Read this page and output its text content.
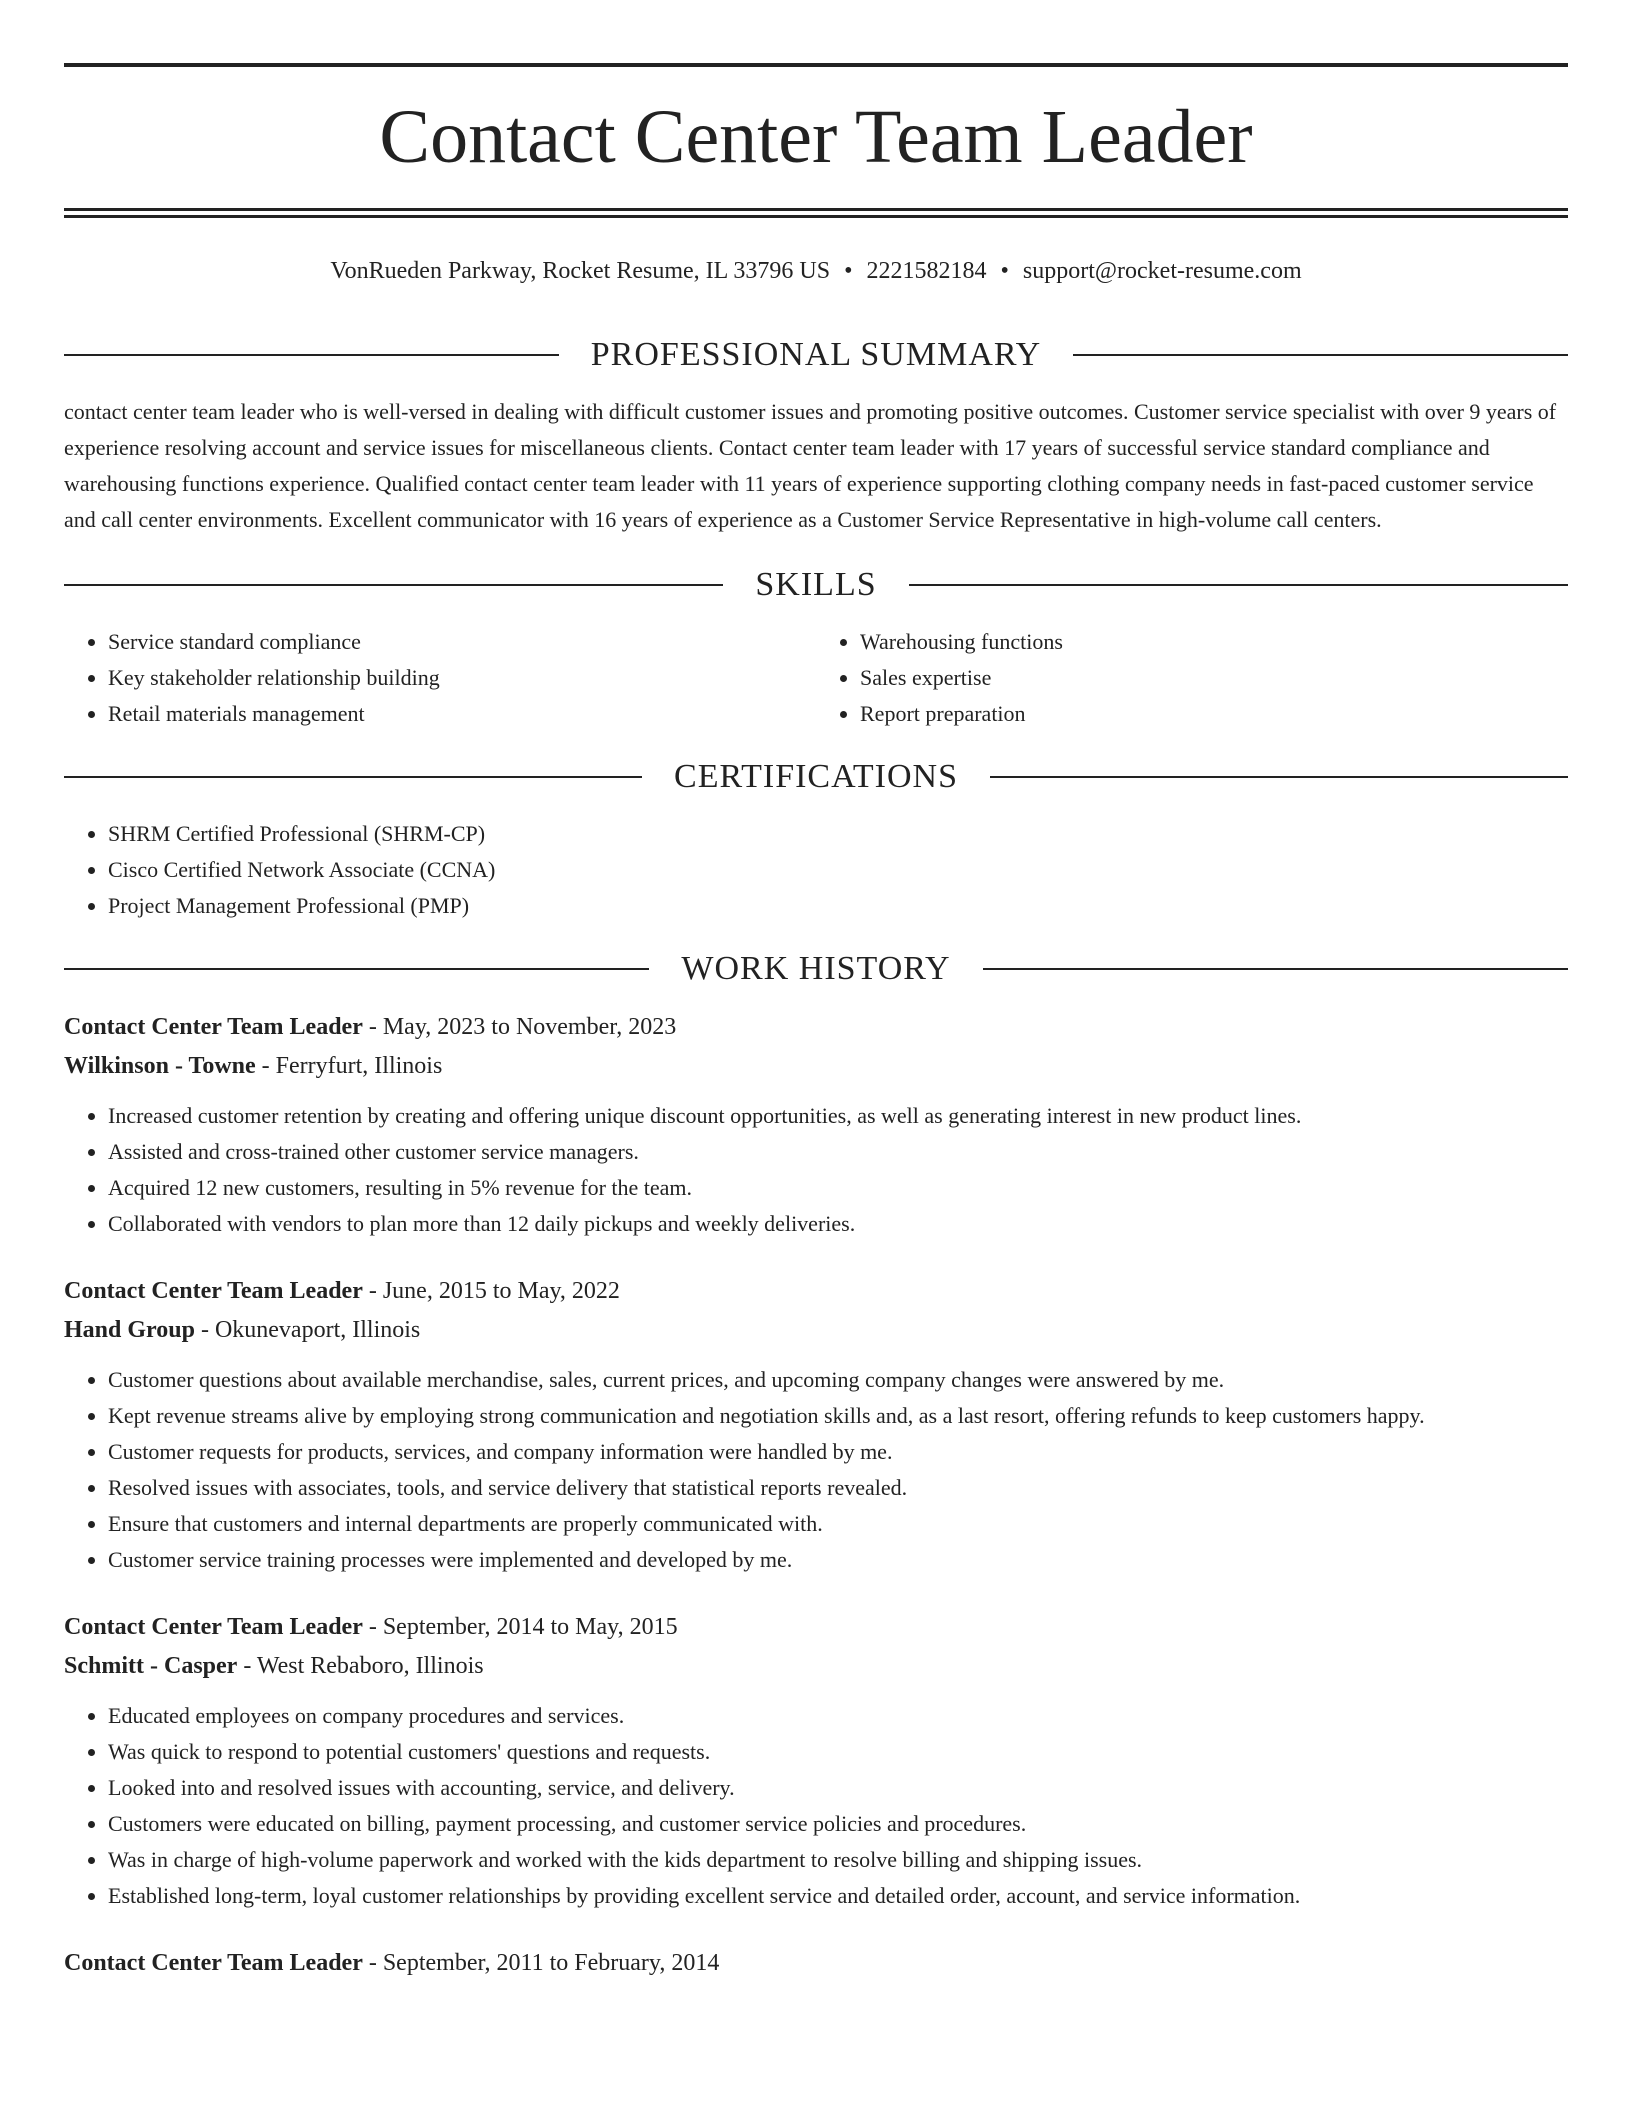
Contact Center Team Leader
VonRueden Parkway, Rocket Resume, IL 33796 US • 2221582184 • support@rocket-resume.com
PROFESSIONAL SUMMARY

contact center team leader who is well-versed in dealing with difficult customer issues and promoting positive outcomes. Customer service specialist with over 9 years of experience resolving account and service issues for miscellaneous clients. Contact center team leader with 17 years of successful service standard compliance and warehousing functions experience. Qualified contact center team leader with 11 years of experience supporting clothing company needs in fast-paced customer service and call center environments. Excellent communicator with 16 years of experience as a Customer Service Representative in high-volume call centers.

SKILLS
• Service standard compliance
• Key stakeholder relationship building
• Retail materials management
• Warehousing functions
• Sales expertise
• Report preparation
CERTIFICATIONS
• SHRM Certified Professional (SHRM-CP)
• Cisco Certified Network Associate (CCNA)
• Project Management Professional (PMP)
WORK HISTORY
Contact Center Team Leader - May, 2023 to November, 2023
Wilkinson - Towne - Ferryfurt, Illinois
• Increased customer retention by creating and offering unique discount opportunities, as well as generating interest in new product lines.
• Assisted and cross-trained other customer service managers.
• Acquired 12 new customers, resulting in 5% revenue for the team.
• Collaborated with vendors to plan more than 12 daily pickups and weekly deliveries.
Contact Center Team Leader - June, 2015 to May, 2022
Hand Group - Okunevaport, Illinois
• Customer questions about available merchandise, sales, current prices, and upcoming company changes were answered by me.
• Kept revenue streams alive by employing strong communication and negotiation skills and, as a last resort, offering refunds to keep customers happy.
• Customer requests for products, services, and company information were handled by me.
• Resolved issues with associates, tools, and service delivery that statistical reports revealed.
• Ensure that customers and internal departments are properly communicated with.
• Customer service training processes were implemented and developed by me.
Contact Center Team Leader - September, 2014 to May, 2015
Schmitt - Casper - West Rebaboro, Illinois
• Educated employees on company procedures and services.
• Was quick to respond to potential customers' questions and requests.
• Looked into and resolved issues with accounting, service, and delivery.
• Customers were educated on billing, payment processing, and customer service policies and procedures.
• Was in charge of high-volume paperwork and worked with the kids department to resolve billing and shipping issues.
• Established long-term, loyal customer relationships by providing excellent service and detailed order, account, and service information.
Contact Center Team Leader - September, 2011 to February, 2014
